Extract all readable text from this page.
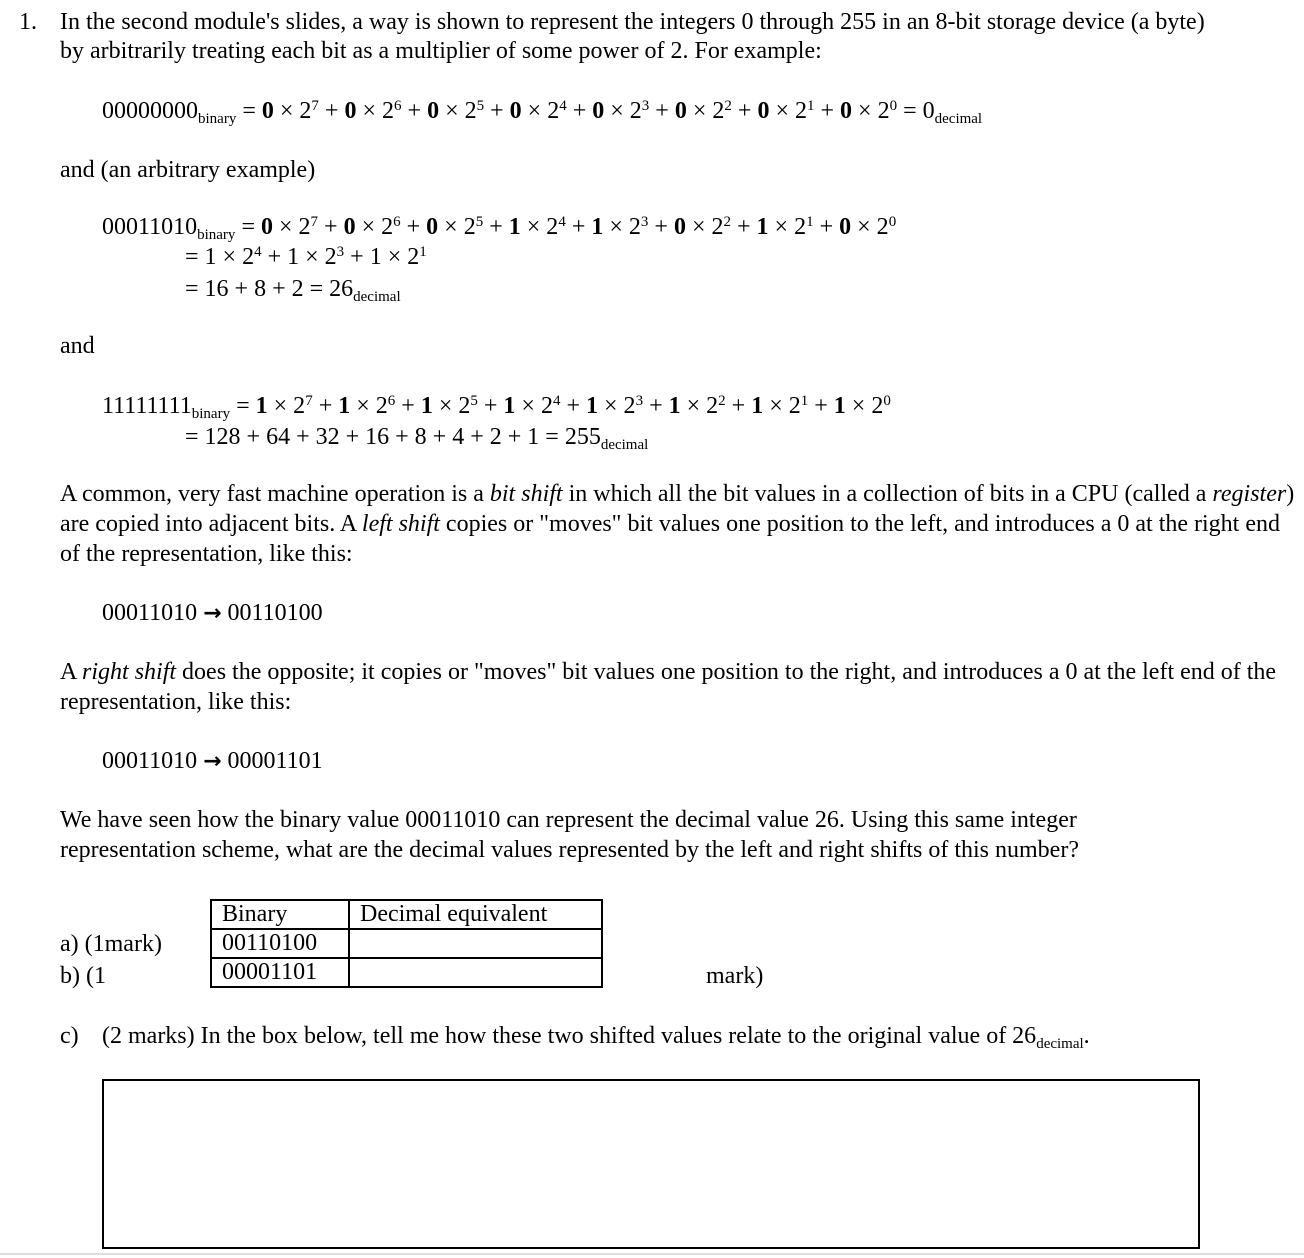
1. In the second module's slides, a way is shown to represent the integers 0 through 255 in an 8-bit storage device (a byte)
by arbitrarily treating each bit as a multiplier of some power of 2. For example:
$00000000_{binary} = 0 \times 2^7 + 0 \times 2^6 + 0 \times 2^5 + 0 \times 2^4 + 0 \times 2^3 + 0 \times 2^2 + 0 \times 2^1 + 0 \times 2^0 = 0_{decimal}$
and (an arbitrary example)
$00011010_{binary} = 0 \times 2^7 + 0 \times 2^6 + 0 \times 2^5 + 1 \times 2^4 + 1 \times 2^3 + 0 \times 2^2 + 1 \times 2^1 + 0 \times 2^0$
= $1 \times 2^4 + 1 \times 2^3 + 1 \times 2^1$
= $16 + 8 + 2 = 26_{decimal}$
and
$11111111_{binary} = 1 \times 2^7 + 1 \times 2^6 + 1 \times 2^5 + 1 \times 2^4 + 1 \times 2^3 + 1 \times 2^2 + 1 \times 2^1 + 1 \times 2^0$
= $128 + 64 + 32 + 16 + 8 + 4 + 2 + 1 = 255_{decimal}$
A common, very fast machine operation is a bit shift in which all the bit values in a collection of bits in a CPU (called a register) are copied into adjacent bits. A left shift copies or "moves" bit values one position to the left, and introduces a 0 at the right end of the representation, like this:
00011010 → 00110100
A right shift does the opposite; it copies or "moves" bit values one position to the right, and introduces a 0 at the left end of the representation, like this:
00011010 → 00001101
We have seen how the binary value 00011010 can represent the decimal value 26. Using this same integer representation scheme, what are the decimal values represented by the left and right shifts of this number?
a) (1mark)
b) (1	mark)
Binary	Decimal equivalent
00110100	
00001101	
c) (2 marks) In the box below, tell me how these two shifted values relate to the original value of $26_{decimal}$.
